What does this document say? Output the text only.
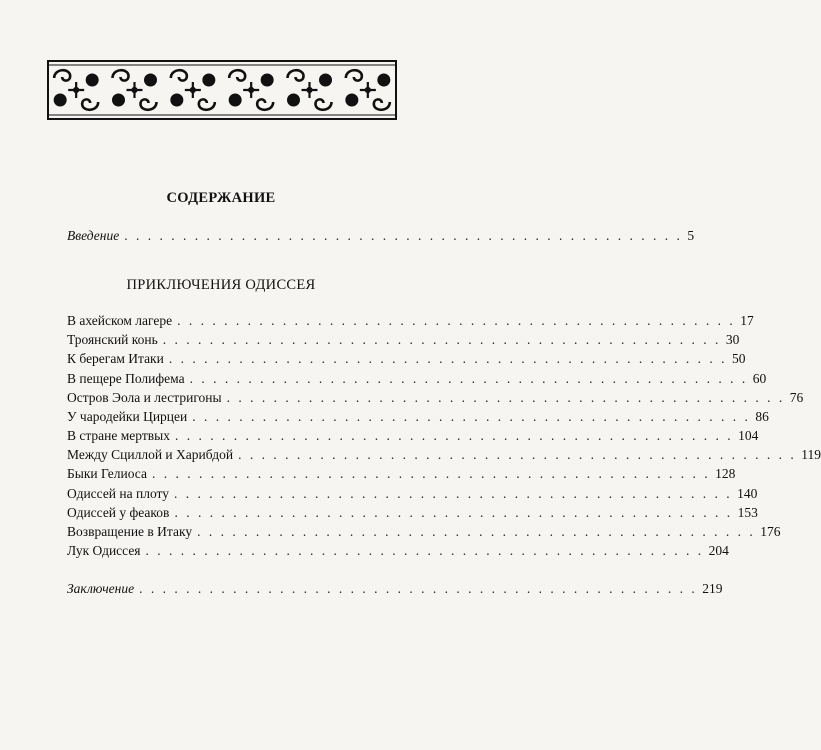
СОДЕРЖАНИЕ
Введение . . . . . . . . . . . . . . . . . . . . . . . . . . . . . . . . . . . . . . . . . . . . . . . . 5
ПРИКЛЮЧЕНИЯ ОДИССЕЯ
В ахейском лагере . . . . . . . . . . . . . . . . . . . . . . . . . . . . . . . . . . . . . . . . . . . . . . . . 17
Троянский конь . . . . . . . . . . . . . . . . . . . . . . . . . . . . . . . . . . . . . . . . . . . . . . . . 30
К берегам Итаки . . . . . . . . . . . . . . . . . . . . . . . . . . . . . . . . . . . . . . . . . . . . . . . . 50
В пещере Полифема . . . . . . . . . . . . . . . . . . . . . . . . . . . . . . . . . . . . . . . . . . . . . . . . 60
Остров Эола и лестригоны . . . . . . . . . . . . . . . . . . . . . . . . . . . . . . . . . . . . . . . . . . . . . . . . 76
У чародейки Цирцеи . . . . . . . . . . . . . . . . . . . . . . . . . . . . . . . . . . . . . . . . . . . . . . . . 86
В стране мертвых . . . . . . . . . . . . . . . . . . . . . . . . . . . . . . . . . . . . . . . . . . . . . . . . 104
Между Сциллой и Харибдой . . . . . . . . . . . . . . . . . . . . . . . . . . . . . . . . . . . . . . . . . . . . . . . . 119
Быки Гелиоса . . . . . . . . . . . . . . . . . . . . . . . . . . . . . . . . . . . . . . . . . . . . . . . . 128
Одиссей на плоту . . . . . . . . . . . . . . . . . . . . . . . . . . . . . . . . . . . . . . . . . . . . . . . . 140
Одиссей у феаков . . . . . . . . . . . . . . . . . . . . . . . . . . . . . . . . . . . . . . . . . . . . . . . . 153
Возвращение в Итаку . . . . . . . . . . . . . . . . . . . . . . . . . . . . . . . . . . . . . . . . . . . . . . . . 176
Лук Одиссея . . . . . . . . . . . . . . . . . . . . . . . . . . . . . . . . . . . . . . . . . . . . . . . . 204
Заключение . . . . . . . . . . . . . . . . . . . . . . . . . . . . . . . . . . . . . . . . . . . . . . . . 219
